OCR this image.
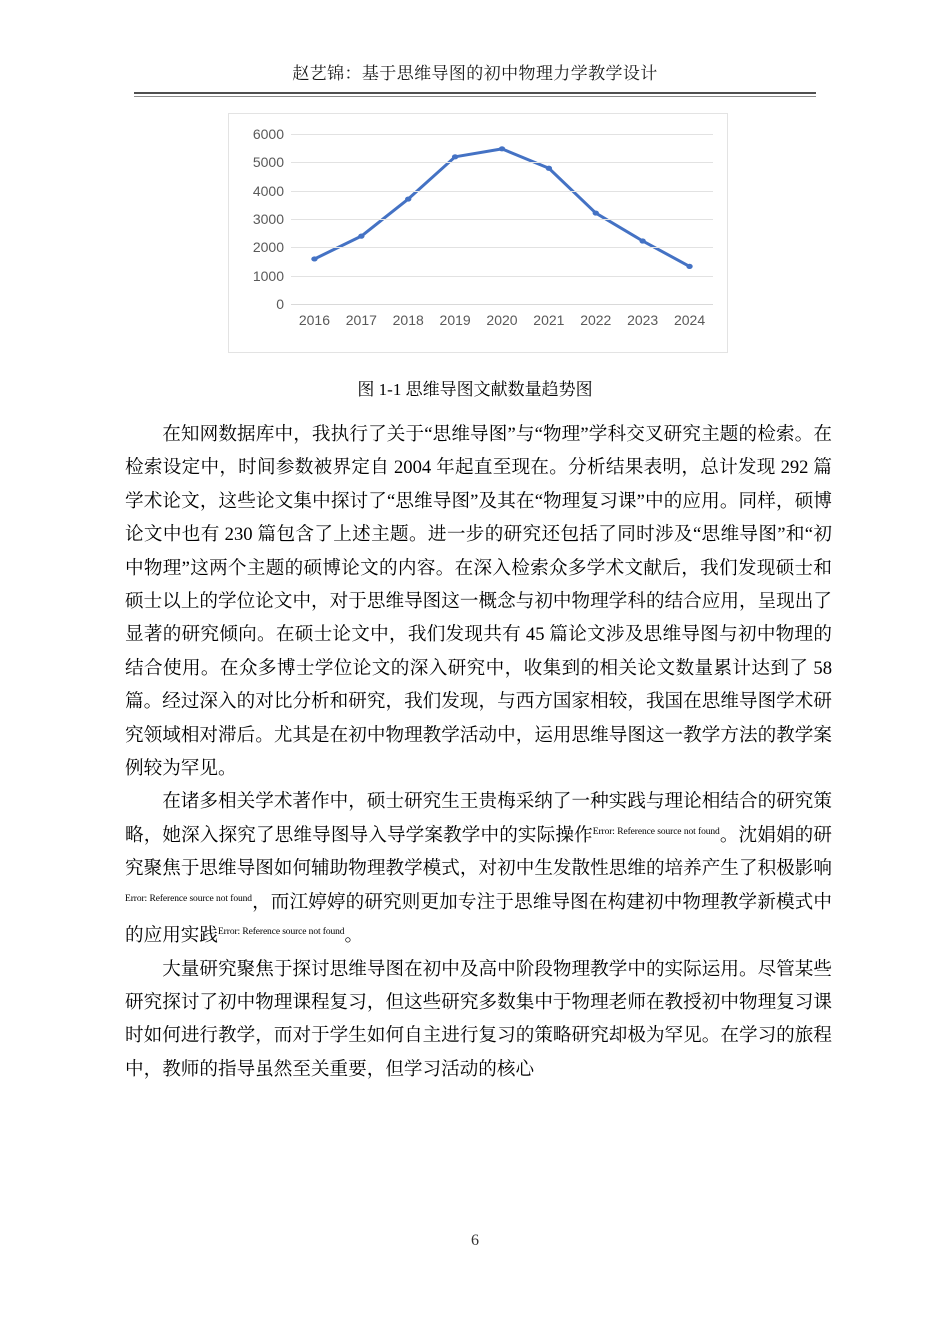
赵艺锦：基于思维导图的初中物理力学教学设计
0
1000
2000
3000
4000
5000
6000
2016 2017 2018 2019 2020 2021 2022 2023 2024
图 1-1 思维导图文献数量趋势图

在知网数据库中，我执行了关于“思维导图”与“物理”学科交叉研究主题的检索。在检索设定中，时间参数被界定自 2004 年起直至现在。分析结果表明，总计发现 292 篇学术论文，这些论文集中探讨了“思维导图”及其在“物理复习课”中的应用。同样，硕博论文中也有 230 篇包含了上述主题。进一步的研究还包括了同时涉及“思维导图”和“初中物理”这两个主题的硕博论文的内容。在深入检索众多学术文献后，我们发现硕士和硕士以上的学位论文中，对于思维导图这一概念与初中物理学科的结合应用，呈现出了显著的研究倾向。在硕士论文中，我们发现共有 45 篇论文涉及思维导图与初中物理的结合使用。在众多博士学位论文的深入研究中，收集到的相关论文数量累计达到了 58 篇。经过深入的对比分析和研究，我们发现，与西方国家相较，我国在思维导图学术研究领域相对滞后。尤其是在初中物理教学活动中，运用思维导图这一教学方法的教学案例较为罕见。

在诸多相关学术著作中，硕士研究生王贵梅采纳了一种实践与理论相结合的研究策略，她深入探究了思维导图导入导学案教学中的实际操作$^{Error: Reference source not found}$。沈娟娟的研究聚焦于思维导图如何辅助物理教学模式，对初中生发散性思维的培养产生了积极影响$^{Error: Reference source not found}$，而江婷婷的研究则更加专注于思维导图在构建初中物理教学新模式中的应用实践$^{Error: Reference source not found}$。

大量研究聚焦于探讨思维导图在初中及高中阶段物理教学中的实际运用。尽管某些研究探讨了初中物理课程复习，但这些研究多数集中于物理老师在教授初中物理复习课时如何进行教学，而对于学生如何自主进行复习的策略研究却极为罕见。在学习的旅程中，教师的指导虽然至关重要，但学习活动的核心

6
